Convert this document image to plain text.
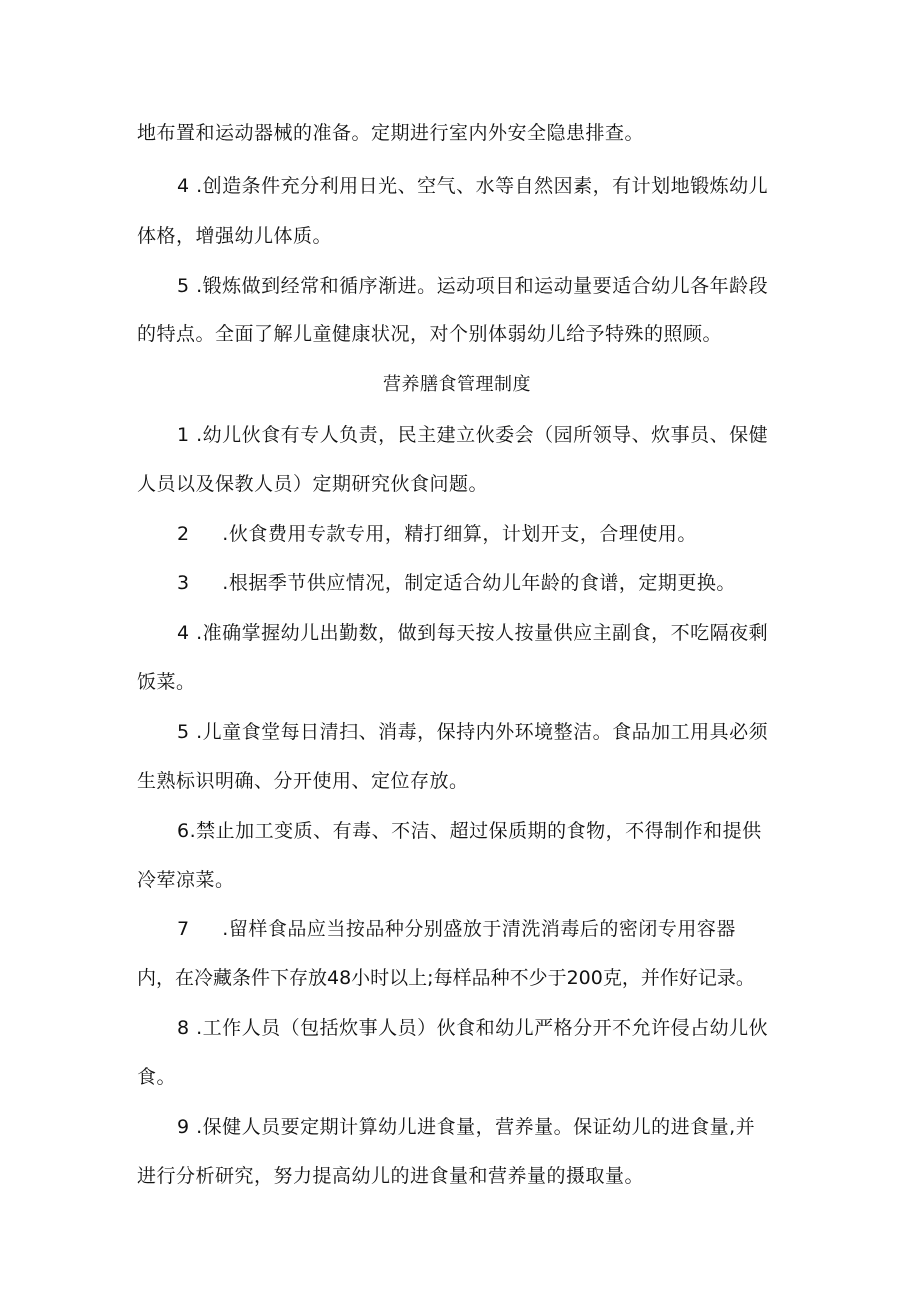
地布置和运动器械的准备。定期进行室内外安全隐患排查。
4 .创造条件充分利用日光、空气、水等自然因素，有计划地锻炼幼儿
体格，增强幼儿体质。
5 .锻炼做到经常和循序渐进。运动项目和运动量要适合幼儿各年龄段
的特点。全面了解儿童健康状况，对个别体弱幼儿给予特殊的照顾。
营养膳食管理制度
1 .幼儿伙食有专人负责，民主建立伙委会（园所领导、炊事员、保健
人员以及保教人员）定期研究伙食问题。
2     .伙食费用专款专用，精打细算，计划开支，合理使用。
3     .根据季节供应情况，制定适合幼儿年龄的食谱，定期更换。
4 .准确掌握幼儿出勤数，做到每天按人按量供应主副食，不吃隔夜剩
饭菜。
5 .儿童食堂每日清扫、消毒，保持内外环境整洁。食品加工用具必须
生熟标识明确、分开使用、定位存放。
6.禁止加工变质、有毒、不洁、超过保质期的食物，不得制作和提供
冷荤凉菜。
7     .留样食品应当按品种分别盛放于清洗消毒后的密闭专用容器
内，在冷藏条件下存放48小时以上;每样品种不少于200克，并作好记录。
8 .工作人员（包括炊事人员）伙食和幼儿严格分开不允许侵占幼儿伙
食。
9 .保健人员要定期计算幼儿进食量，营养量。保证幼儿的进食量,并
进行分析研究，努力提高幼儿的进食量和营养量的摄取量。
